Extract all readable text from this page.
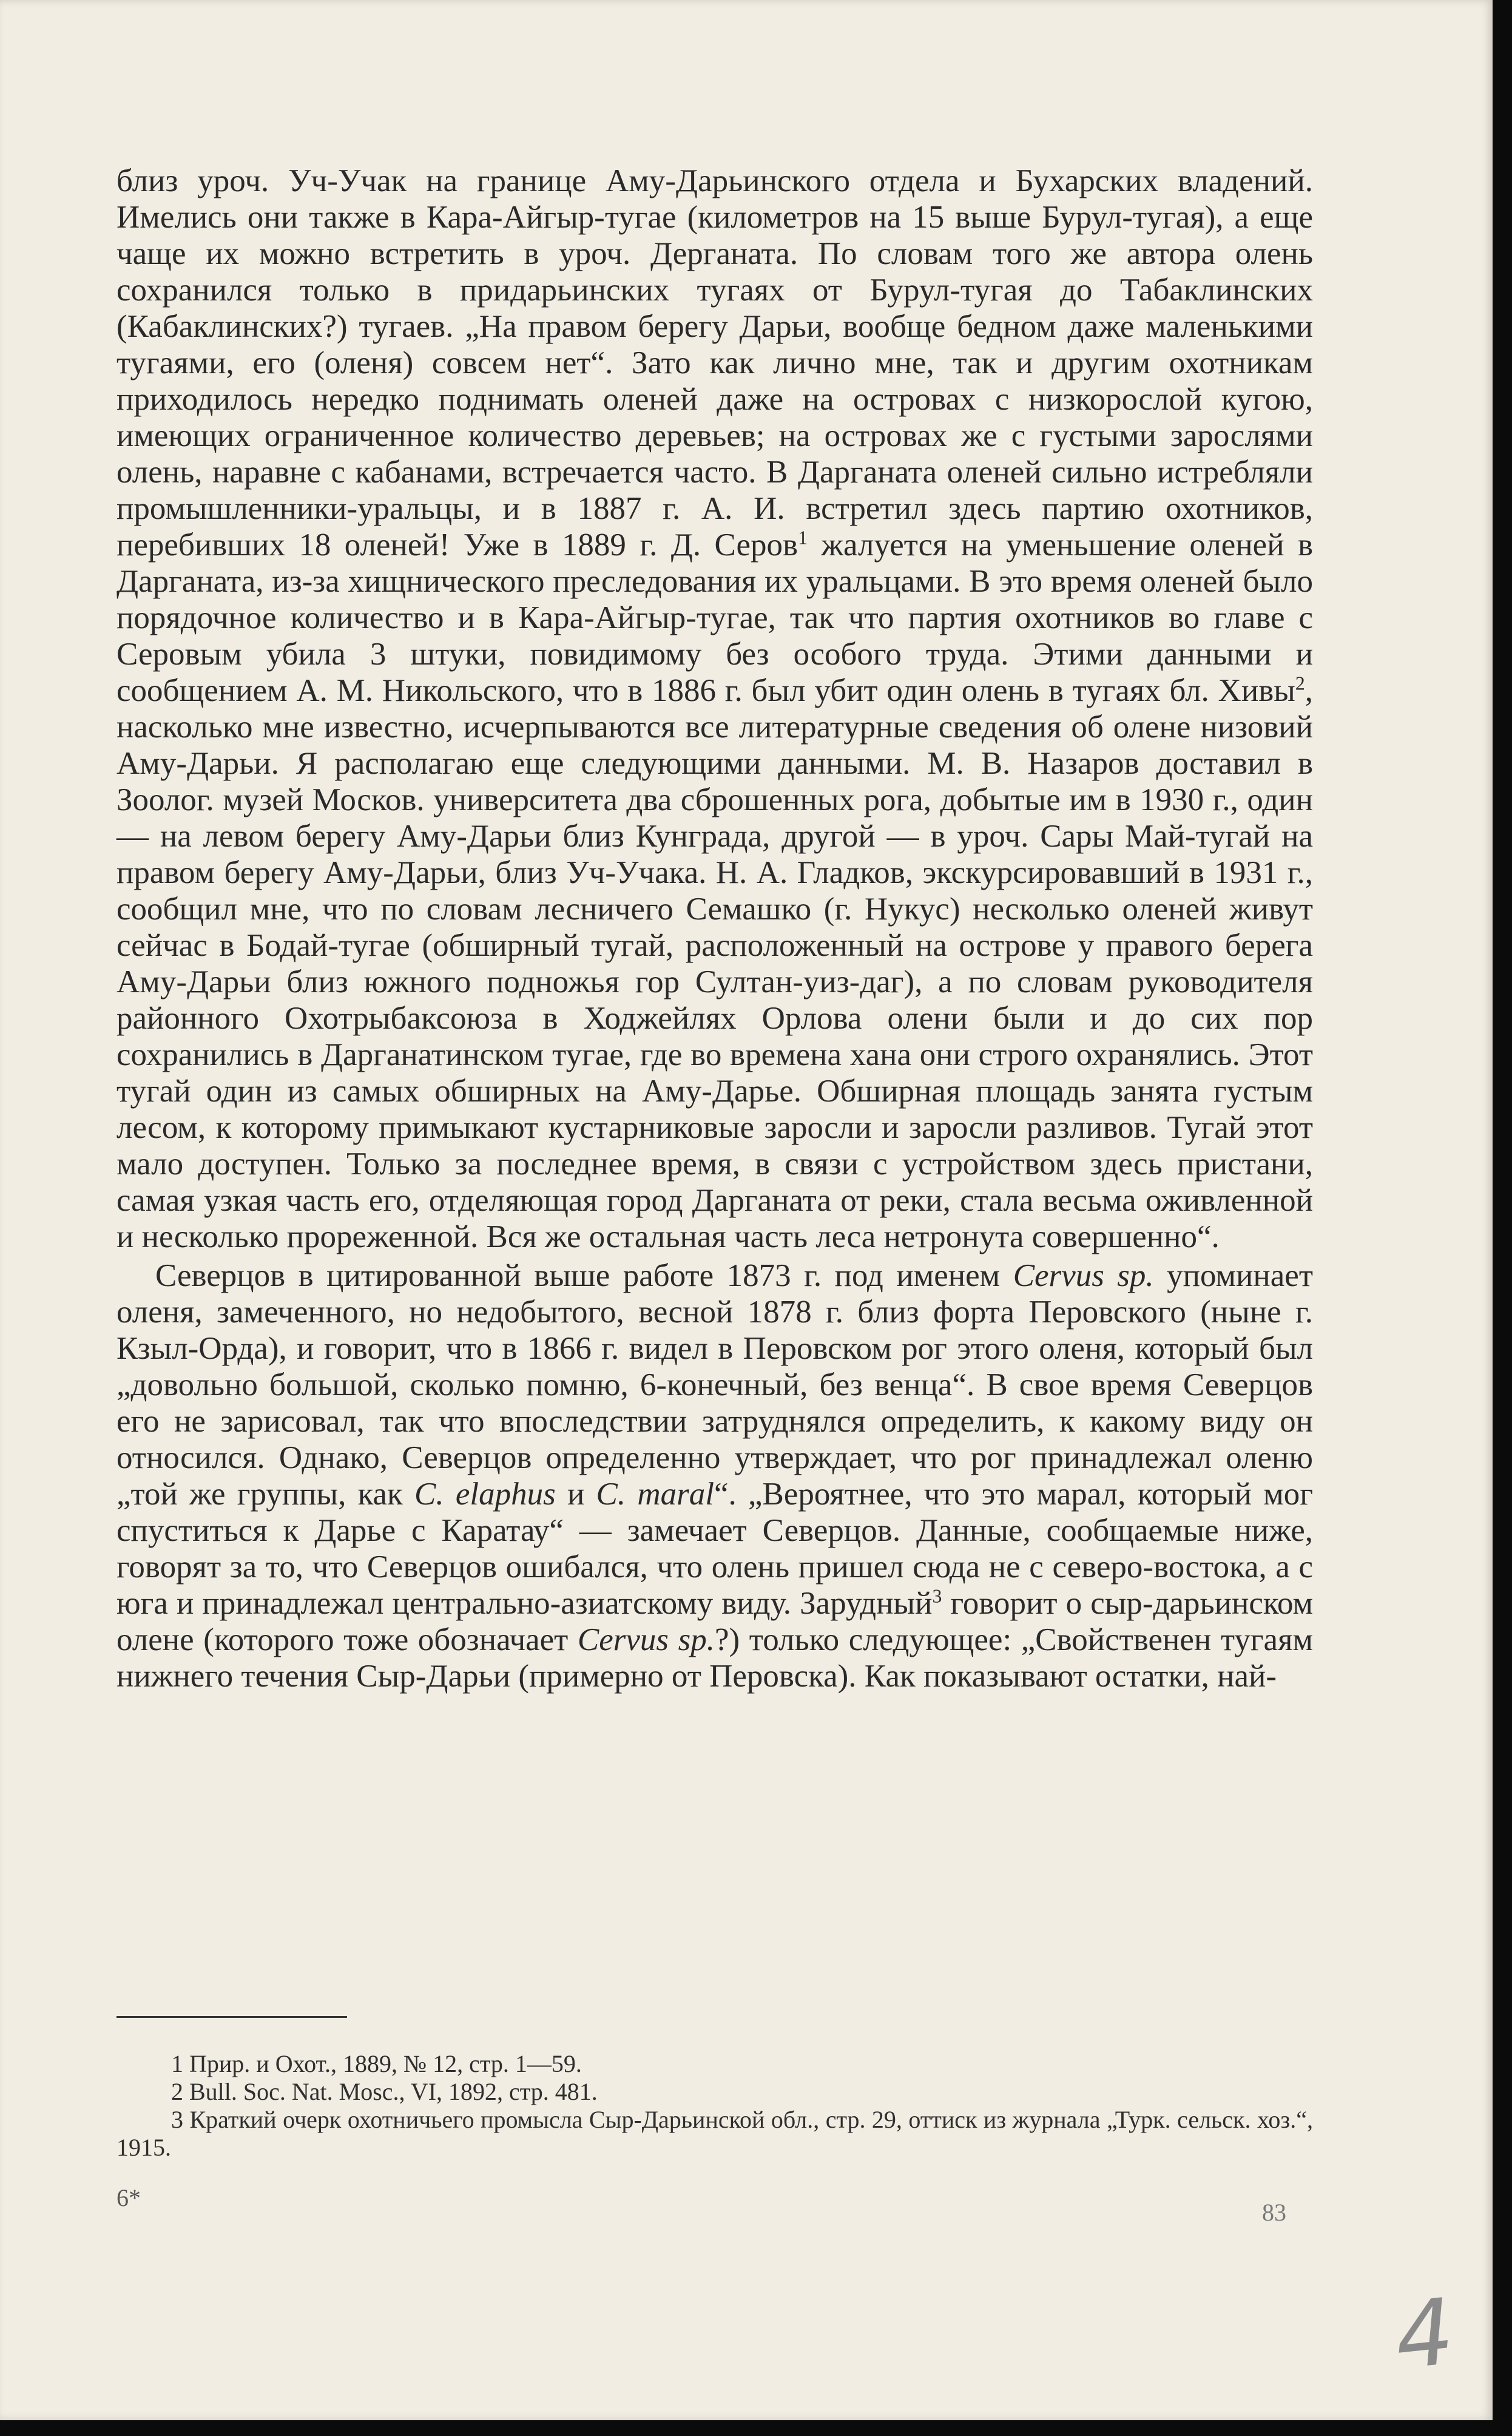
близ уроч. Уч-Учак на границе Аму-Дарьинского отдела и Бухарских владений. Имелись они также в Кара-Айгыр-тугае (километров на 15 выше Бурул-тугая), а еще чаще их можно встретить в уроч. Дерганата. По словам того же автора олень сохранился только в придарьинских тугаях от Бурул-тугая до Табаклинских (Кабаклинских?) тугаев. „На правом берегу Дарьи, вообще бедном даже маленькими тугаями, его (оленя) совсем нет“. Зато как лично мне, так и другим охотникам приходилось нередко поднимать оленей даже на островах с низкорослой кугою, имеющих ограниченное количество деревьев; на островах же с густыми зарослями олень, наравне с кабанами, встречается часто. В Дарганата оленей сильно истребляли промышленники-уральцы, и в 1887 г. А. И. встретил здесь партию охотников, перебивших 18 оленей! Уже в 1889 г. Д. Серов$^1$ жалуется на уменьшение оленей в Дарганата, из-за хищнического преследования их уральцами. В это время оленей было порядочное количество и в Кара-Айгыр-тугае, так что партия охотников во главе с Серовым убила 3 штуки, повидимому без особого труда. Этими данными и сообщением А. М. Никольского, что в 1886 г. был убит один олень в тугаях бл. Хивы$^2$, насколько мне известно, исчерпываются все литературные сведения об олене низовий Аму-Дарьи. Я располагаю еще следующими данными. М. В. Назаров доставил в Зоолог. музей Москов. университета два сброшенных рога, добытые им в 1930 г., один — на левом берегу Аму-Дарьи близ Кунграда, другой — в уроч. Сары Май-тугай на правом берегу Аму-Дарьи, близ Уч-Учака. Н. А. Гладков, экскурсировавший в 1931 г., сообщил мне, что по словам лесничего Семашко (г. Нукус) несколько оленей живут сейчас в Бодай-тугае (обширный тугай, расположенный на острове у правого берега Аму-Дарьи близ южного подножья гор Султан-уиз-даг), а по словам руководителя районного Охотрыбаксоюза в Ходжейлях Орлова олени были и до сих пор сохранились в Дарганатинском тугае, где во времена хана они строго охранялись. Этот тугай один из самых обширных на Аму-Дарье. Обширная площадь занята густым лесом, к которому примыкают кустарниковые заросли и заросли разливов. Тугай этот мало доступен. Только за последнее время, в связи с устройством здесь пристани, самая узкая часть его, отделяющая город Дарганата от реки, стала весьма оживленной и несколько прореженной. Вся же остальная часть леса нетронута совершенно“.

Северцов в цитированной выше работе 1873 г. под именем Cervus sp. упоминает оленя, замеченного, но недобытого, весной 1878 г. близ форта Перовского (ныне г. Кзыл-Орда), и говорит, что в 1866 г. видел в Перовском рог этого оленя, который был „довольно большой, сколько помню, 6-конечный, без венца“. В свое время Северцов его не зарисовал, так что впоследствии затруднялся определить, к какому виду он относился. Однако, Северцов определенно утверждает, что рог принадлежал оленю „той же группы, как C. elaphus и C. maral“. „Вероятнее, что это марал, который мог спуститься к Дарье с Каратау“ — замечает Северцов. Данные, сообщаемые ниже, говорят за то, что Северцов ошибался, что олень пришел сюда не с северо-востока, а с юга и принадлежал центрально-азиатскому виду. Зарудный$^3$ говорит о сыр-дарьинском олене (которого тоже обозначает Cervus sp.?) только следующее: „Свойственен тугаям нижнего течения Сыр-Дарьи (примерно от Перовска). Как показывают остатки, най-

1 Прир. и Охот., 1889, № 12, стр. 1—59.
2 Bull. Soc. Nat. Mosc., VI, 1892, стр. 481.
3 Краткий очерк охотничьего промысла Сыр-Дарьинской обл., стр. 29, оттиск из журнала „Турк. сельск. хоз.“, 1915.
6*
83
4
